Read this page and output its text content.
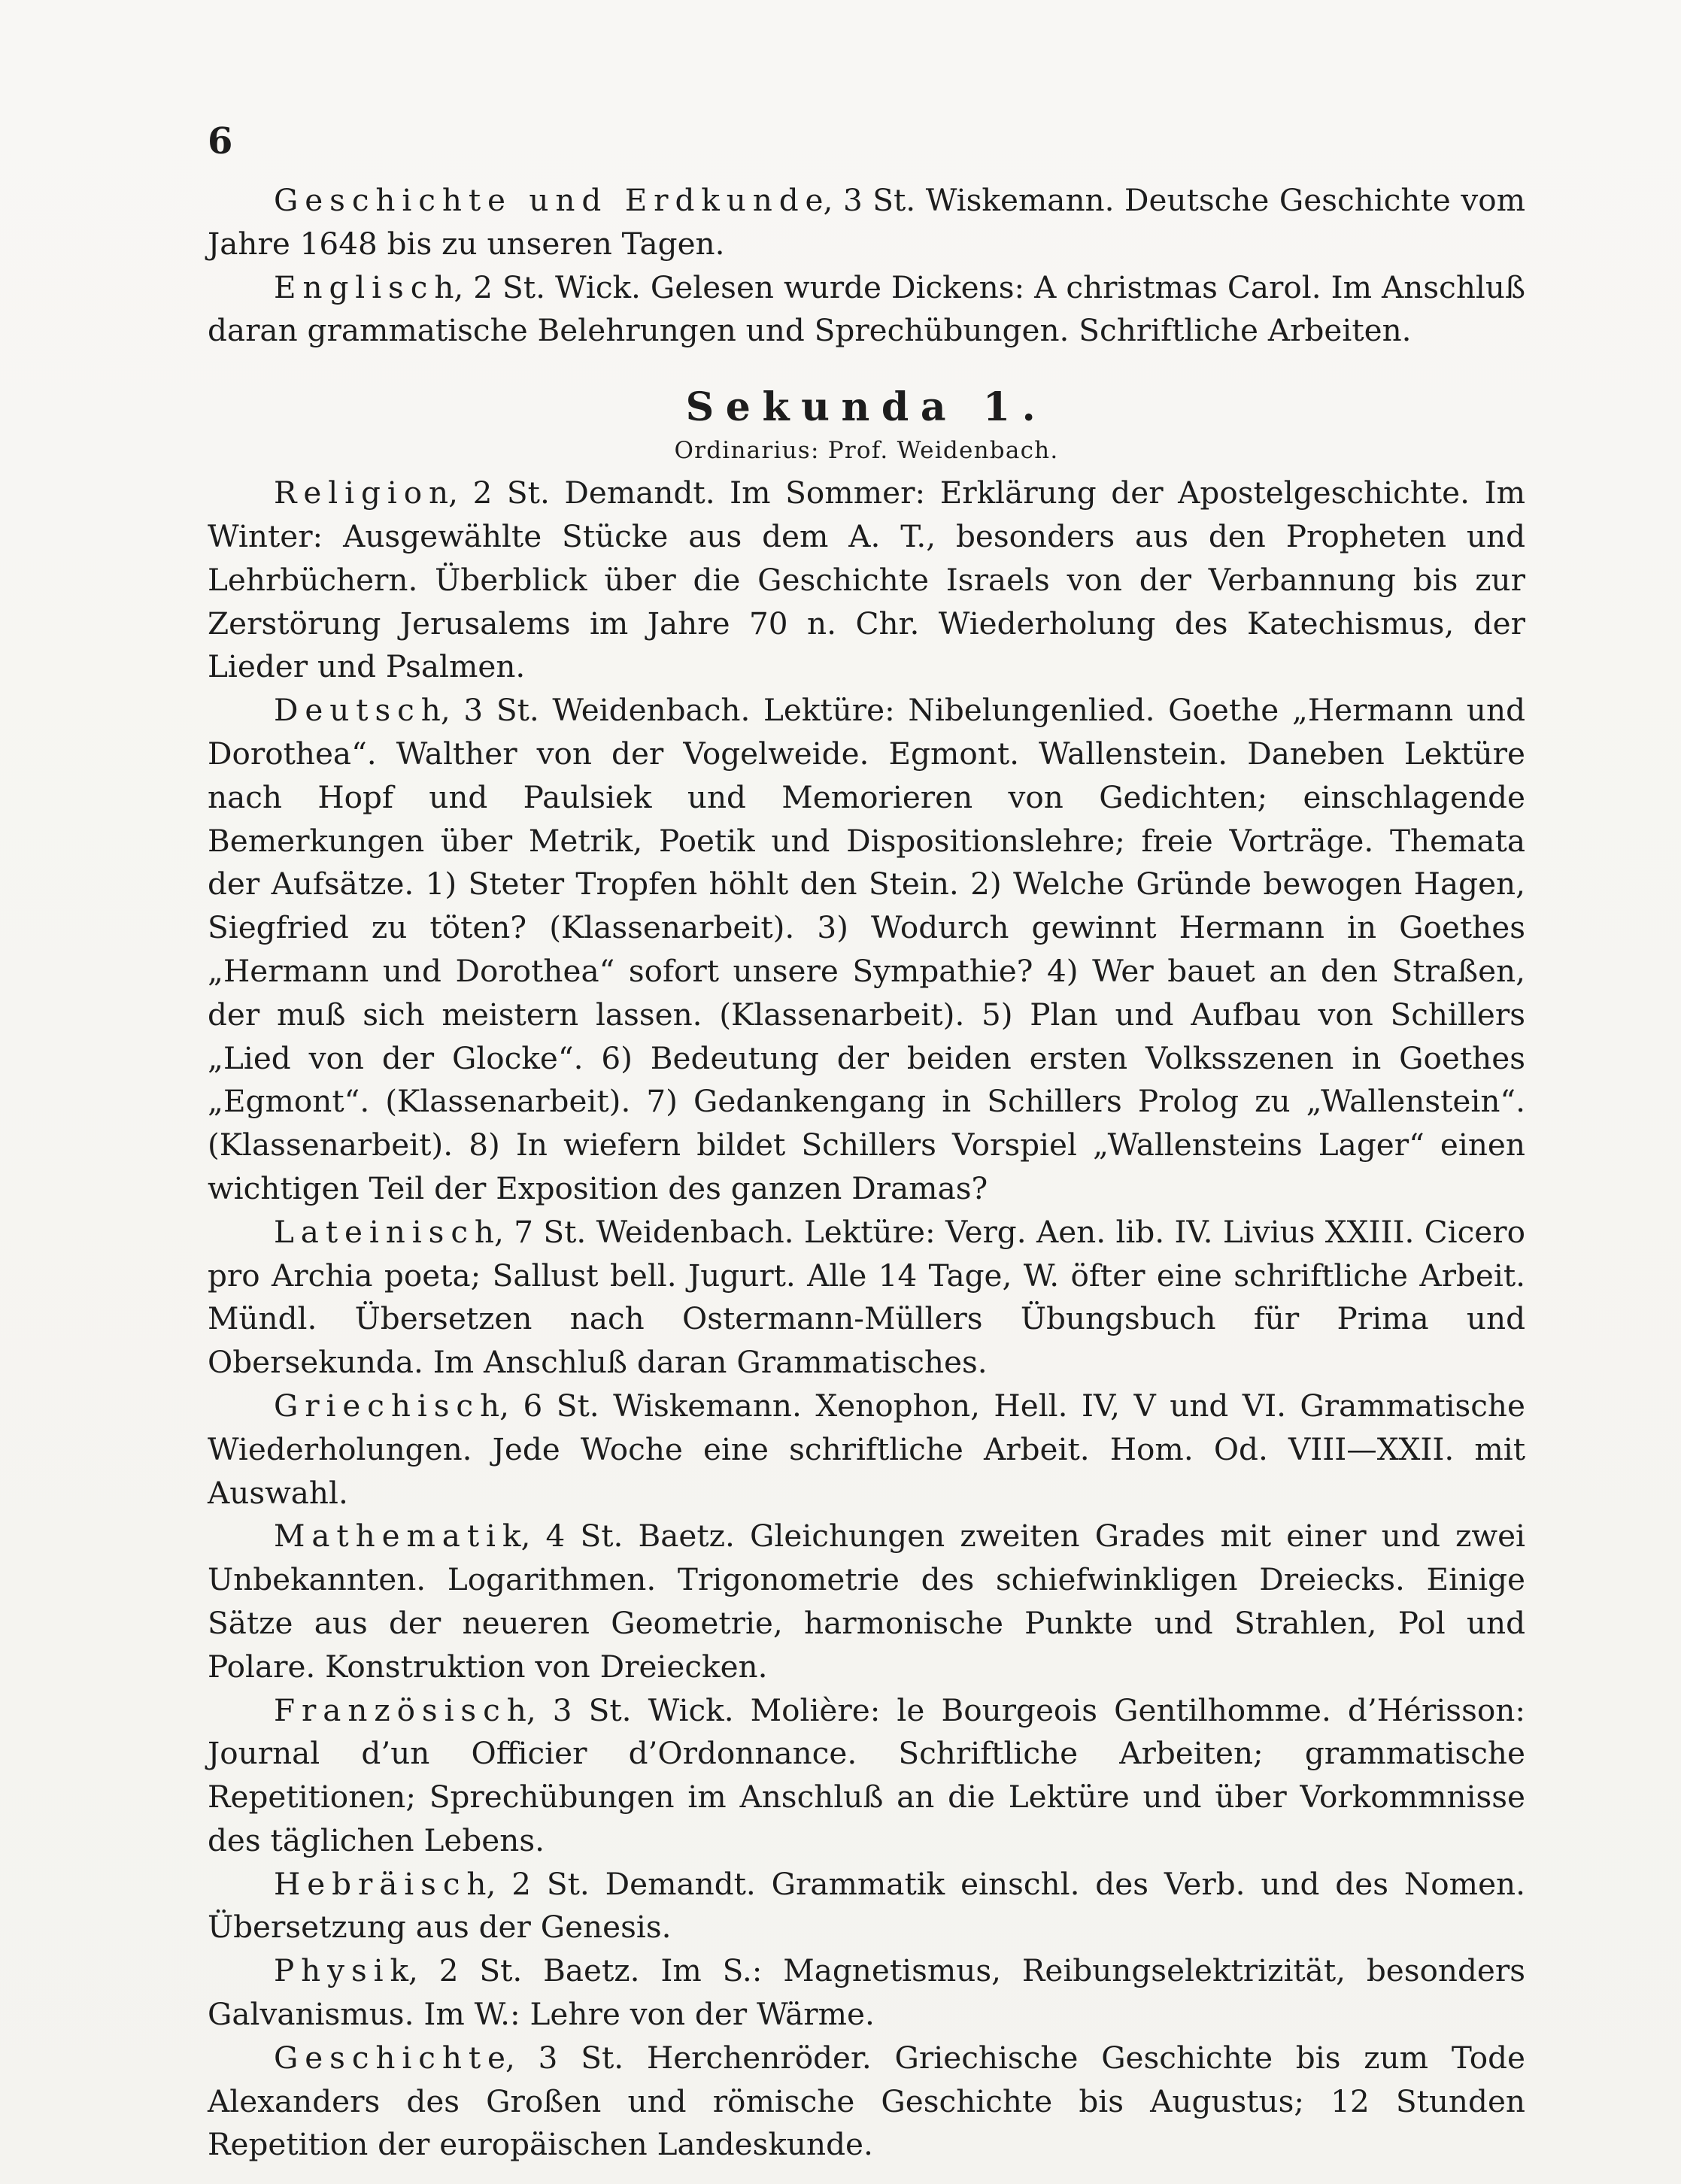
6

Geschichte und Erdkunde, 3 St. Wiskemann. Deutsche Geschichte vom Jahre 1648 bis zu unseren Tagen.

Englisch, 2 St. Wick. Gelesen wurde Dickens: A christmas Carol. Im Anschluß daran grammatische Belehrungen und Sprechübungen. Schriftliche Arbeiten.

Sekunda 1.

Ordinarius: Prof. Weidenbach.

Religion, 2 St. Demandt. Im Sommer: Erklärung der Apostelgeschichte. Im Winter: Ausgewählte Stücke aus dem A. T., besonders aus den Propheten und Lehrbüchern. Überblick über die Geschichte Israels von der Verbannung bis zur Zerstörung Jerusalems im Jahre 70 n. Chr. Wiederholung des Katechismus, der Lieder und Psalmen.

Deutsch, 3 St. Weidenbach. Lektüre: Nibelungenlied. Goethe „Hermann und Dorothea“. Walther von der Vogelweide. Egmont. Wallenstein. Daneben Lektüre nach Hopf und Paulsiek und Memorieren von Gedichten; einschlagende Bemerkungen über Metrik, Poetik und Dispositionslehre; freie Vorträge. Themata der Aufsätze. 1) Steter Tropfen höhlt den Stein. 2) Welche Gründe bewogen Hagen, Siegfried zu töten? (Klassenarbeit). 3) Wodurch gewinnt Hermann in Goethes „Hermann und Dorothea“ sofort unsere Sympathie? 4) Wer bauet an den Straßen, der muß sich meistern lassen. (Klassenarbeit). 5) Plan und Aufbau von Schillers „Lied von der Glocke“. 6) Bedeutung der beiden ersten Volksszenen in Goethes „Egmont“. (Klassenarbeit). 7) Gedankengang in Schillers Prolog zu „Wallenstein“. (Klassenarbeit). 8) In wiefern bildet Schillers Vorspiel „Wallensteins Lager“ einen wichtigen Teil der Exposition des ganzen Dramas?

Lateinisch, 7 St. Weidenbach. Lektüre: Verg. Aen. lib. IV. Livius XXIII. Cicero pro Archia poeta; Sallust bell. Jugurt. Alle 14 Tage, W. öfter eine schriftliche Arbeit. Mündl. Übersetzen nach Ostermann-Müllers Übungsbuch für Prima und Obersekunda. Im Anschluß daran Grammatisches.

Griechisch, 6 St. Wiskemann. Xenophon, Hell. IV, V und VI. Grammatische Wiederholungen. Jede Woche eine schriftliche Arbeit. Hom. Od. VIII—XXII. mit Auswahl.

Mathematik, 4 St. Baetz. Gleichungen zweiten Grades mit einer und zwei Unbekannten. Logarithmen. Trigonometrie des schiefwinkligen Dreiecks. Einige Sätze aus der neueren Geometrie, harmonische Punkte und Strahlen, Pol und Polare. Konstruktion von Dreiecken.

Französisch, 3 St. Wick. Molière: le Bourgeois Gentilhomme. d’Hérisson: Journal d’un Officier d’Ordonnance. Schriftliche Arbeiten; grammatische Repetitionen; Sprechübungen im Anschluß an die Lektüre und über Vorkommnisse des täglichen Lebens.

Hebräisch, 2 St. Demandt. Grammatik einschl. des Verb. und des Nomen. Übersetzung aus der Genesis.

Physik, 2 St. Baetz. Im S.: Magnetismus, Reibungselektrizität, besonders Galvanismus. Im W.: Lehre von der Wärme.

Geschichte, 3 St. Herchenröder. Griechische Geschichte bis zum Tode Alexanders des Großen und römische Geschichte bis Augustus; 12 Stunden Repetition der europäischen Landeskunde.
